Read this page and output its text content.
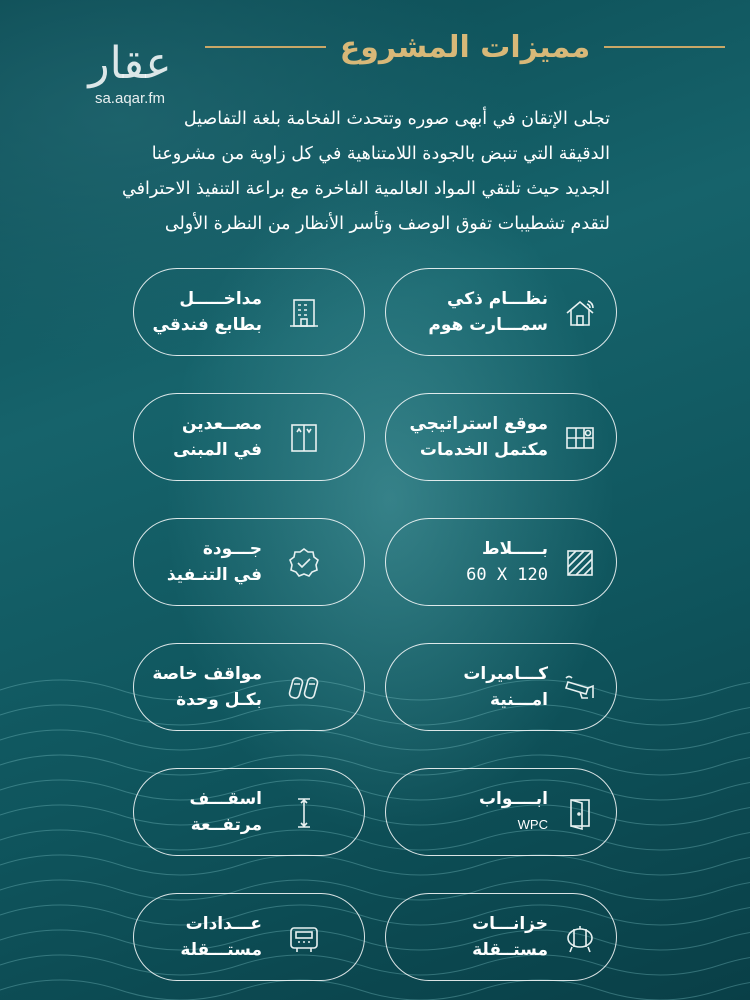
مميزات المشروع
عقار
sa.aqar.fm
تجلى الإتقان في أبهى صوره وتتحدث الفخامة بلغة التفاصيل
الدقيقة التي تنبض بالجودة اللامتناهية في كل زاوية من مشروعنا
الجديد حيث تلتقي المواد العالمية الفاخرة مع براعة التنفيذ الاحترافي
لتقدم تشطيبات تفوق الوصف وتأسر الأنظار من النظرة الأولى
نظـــام ذكي
سمـــارت هوم
مداخـــــل
بطابع فندقي
موقع استراتيجي
مكتمل الخدمات
مصــعدين
في المبنى
بـــــلاط
60 X 120
جـــودة
في التنـفيذ
كـــاميرات
امـــنية
مواقف خاصة
بكـل وحدة
ابــــواب
WPC
اسقـــف
مرتفــعة
خزانـــات
مستــقلة
عـــدادات
مستـــقلة
